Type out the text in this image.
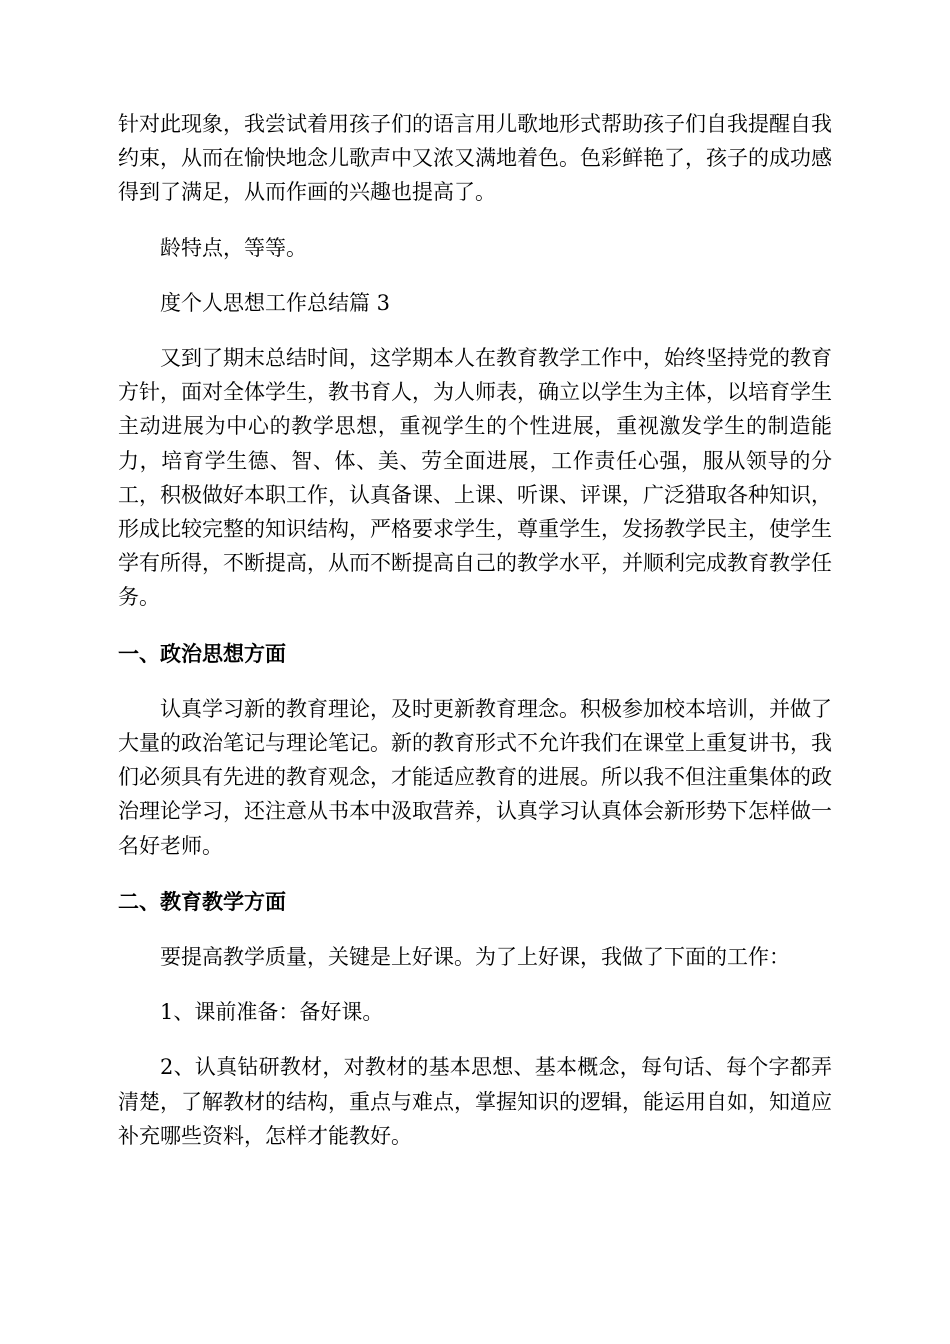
针对此现象，我尝试着用孩子们的语言用儿歌地形式帮助孩子们自我提醒自我约束，从而在愉快地念儿歌声中又浓又满地着色。色彩鲜艳了，孩子的成功感得到了满足，从而作画的兴趣也提高了。

龄特点，等等。

度个人思想工作总结篇 3

又到了期末总结时间，这学期本人在教育教学工作中，始终坚持党的教育方针，面对全体学生，教书育人，为人师表，确立以学生为主体，以培育学生主动进展为中心的教学思想，重视学生的个性进展，重视激发学生的制造能力，培育学生德、智、体、美、劳全面进展，工作责任心强，服从领导的分工，积极做好本职工作，认真备课、上课、听课、评课，广泛猎取各种知识，形成比较完整的知识结构，严格要求学生，尊重学生，发扬教学民主，使学生学有所得，不断提高，从而不断提高自己的教学水平，并顺利完成教育教学任务。

一、政治思想方面

认真学习新的教育理论，及时更新教育理念。积极参加校本培训，并做了大量的政治笔记与理论笔记。新的教育形式不允许我们在课堂上重复讲书，我们必须具有先进的教育观念，才能适应教育的进展。所以我不但注重集体的政治理论学习，还注意从书本中汲取营养，认真学习认真体会新形势下怎样做一名好老师。

二、教育教学方面

要提高教学质量，关键是上好课。为了上好课，我做了下面的工作：

1、课前准备：备好课。

2、认真钻研教材，对教材的基本思想、基本概念，每句话、每个字都弄清楚，了解教材的结构，重点与难点，掌握知识的逻辑，能运用自如，知道应补充哪些资料，怎样才能教好。
